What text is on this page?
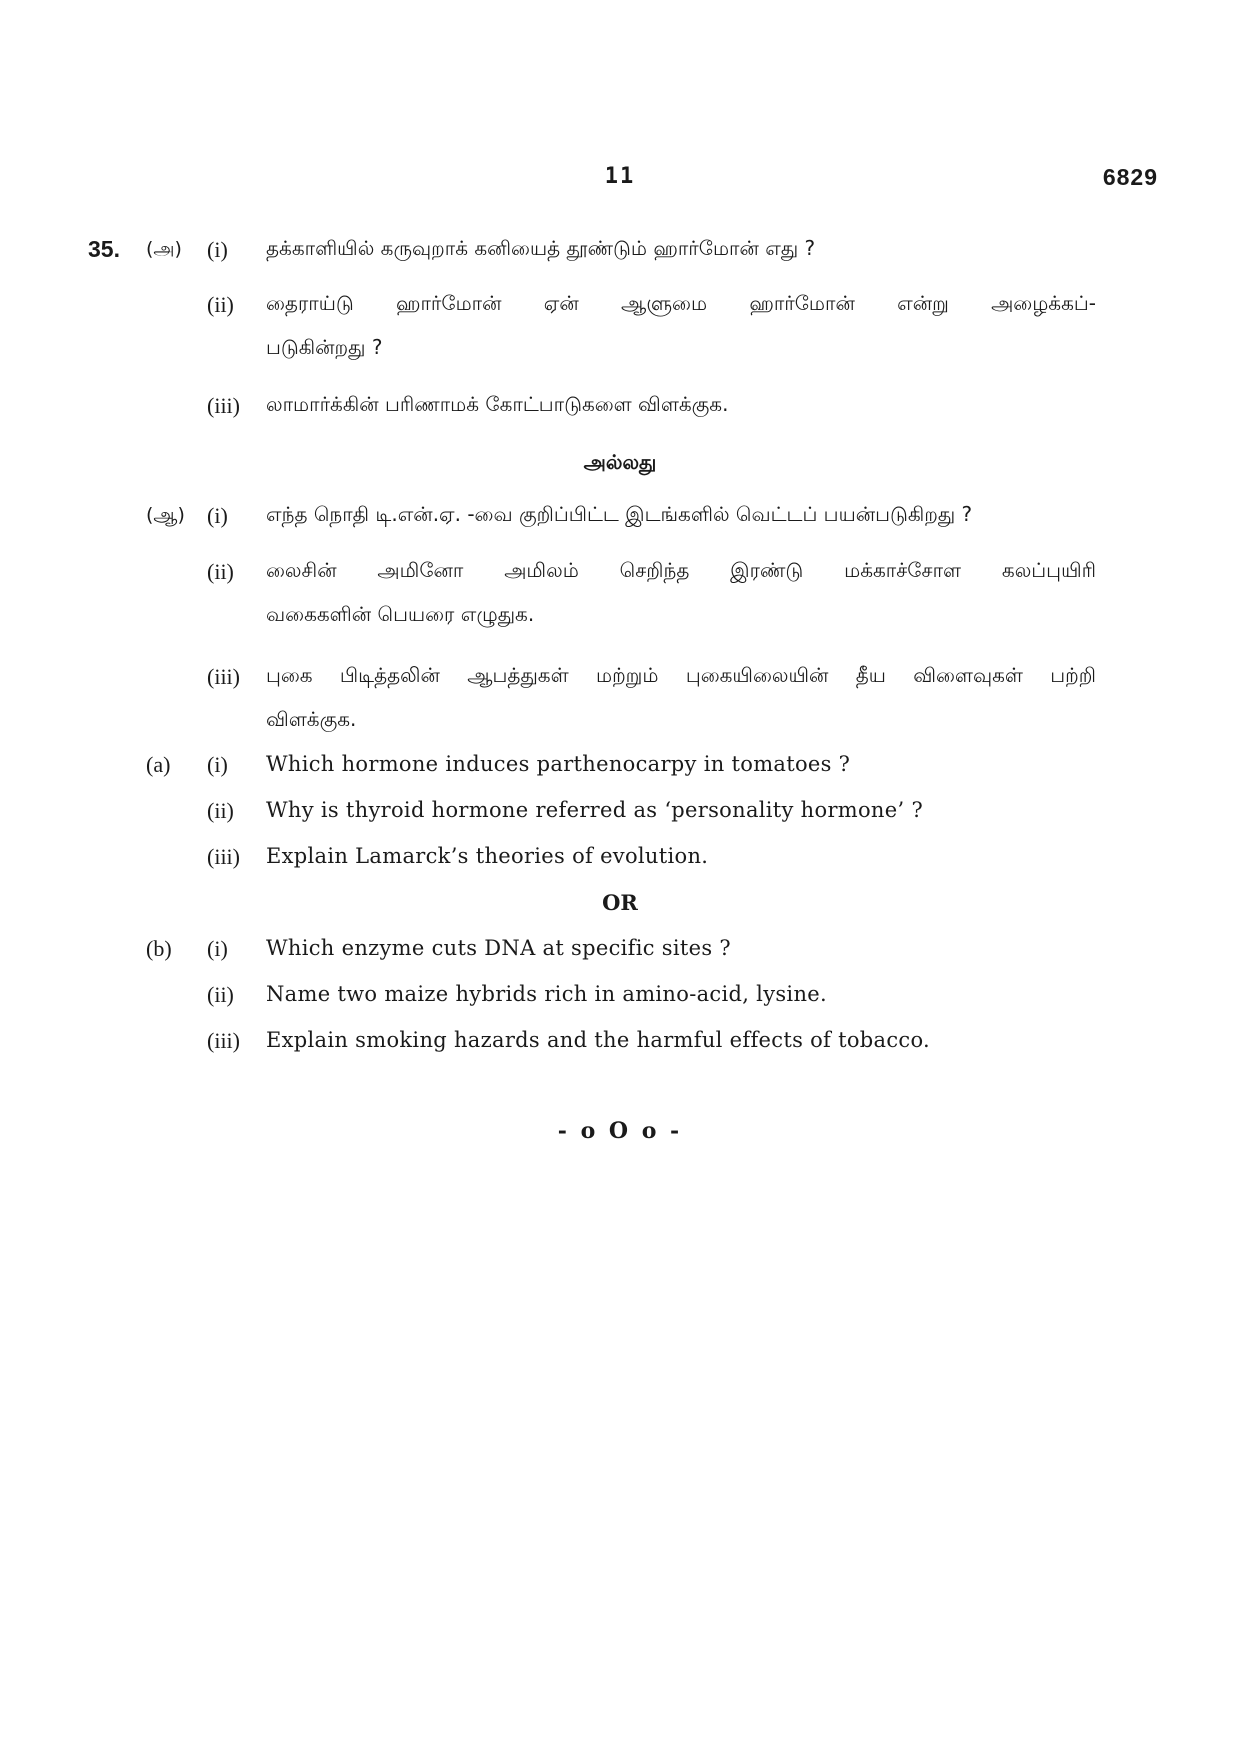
11	6829
35. (அ) (i) தக்காளியில் கருவுறாக் கனியைத் தூண்டும் ஹார்மோன் எது ?
(ii) தைராய்டு ஹார்மோன் ஏன் ஆளுமை ஹார்மோன் என்று அழைக்கப்-
படுகின்றது ?
(iii) லாமார்க்கின் பரிணாமக் கோட்பாடுகளை விளக்குக.
அல்லது
(ஆ) (i) எந்த நொதி டி.என்.ஏ. -வை குறிப்பிட்ட இடங்களில் வெட்டப் பயன்படுகிறது ?
(ii) லைசின் அமினோ அமிலம் செறிந்த இரண்டு மக்காச்சோள கலப்புயிரி
வகைகளின் பெயரை எழுதுக.
(iii) புகை பிடித்தலின் ஆபத்துகள் மற்றும் புகையிலையின் தீய விளைவுகள் பற்றி
விளக்குக.
(a) (i) Which hormone induces parthenocarpy in tomatoes ?
(ii) Why is thyroid hormone referred as ‘personality hormone’ ?
(iii) Explain Lamarck’s theories of evolution.
OR
(b) (i) Which enzyme cuts DNA at specific sites ?
(ii) Name two maize hybrids rich in amino-acid, lysine.
(iii) Explain smoking hazards and the harmful effects of tobacco.
- o O o -
